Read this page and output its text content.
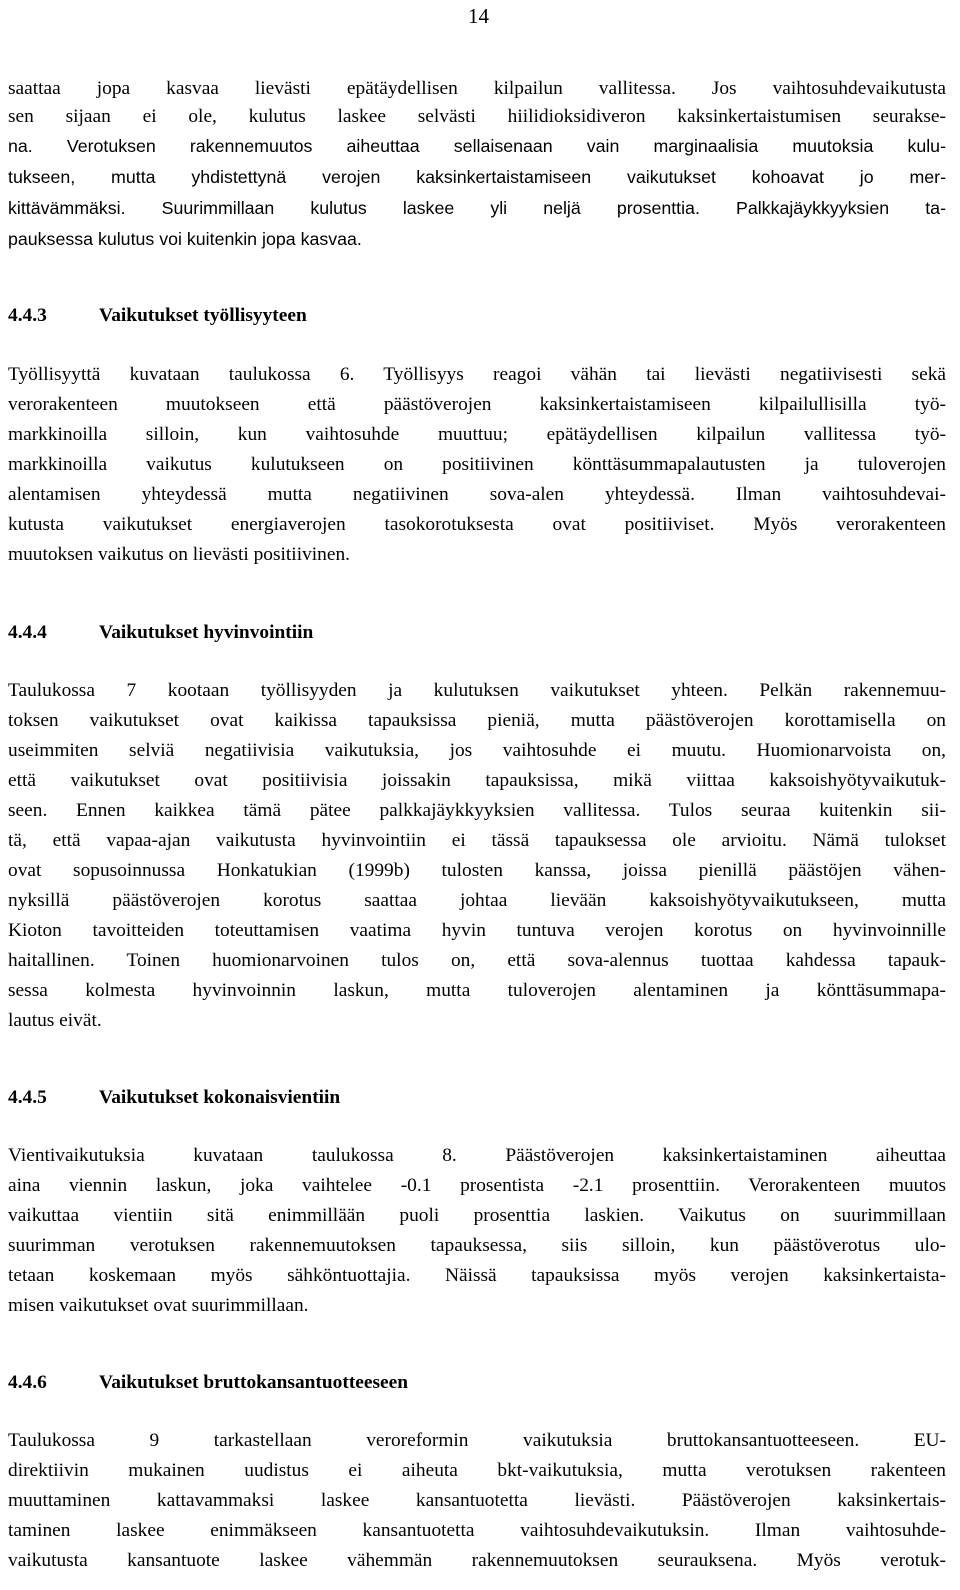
14
saattaa jopa kasvaa lievästi epätäydellisen kilpailun vallitessa. Jos vaihtosuhdevaikutusta
sen sijaan ei ole, kulutus laskee selvästi hiilidioksidiveron kaksinkertaistumisen seurakse-
na. Verotuksen rakennemuutos aiheuttaa sellaisenaan vain marginaalisia muutoksia kulu-
tukseen, mutta yhdistettynä verojen kaksinkertaistamiseen vaikutukset kohoavat jo mer-
kittävämmäksi. Suurimmillaan kulutus laskee yli neljä prosenttia. Palkkajäykkyyksien ta-
pauksessa kulutus voi kuitenkin jopa kasvaa.
4.4.3	Vaikutukset työllisyyteen
Työllisyyttä kuvataan taulukossa 6. Työllisyys reagoi vähän tai lievästi negatiivisesti sekä
verorakenteen muutokseen että päästöverojen kaksinkertaistamiseen kilpailullisilla työ-
markkinoilla silloin, kun vaihtosuhde muuttuu; epätäydellisen kilpailun vallitessa työ-
markkinoilla vaikutus kulutukseen on positiivinen könttäsummapalautusten ja tuloverojen
alentamisen yhteydessä mutta negatiivinen sova-alen yhteydessä. Ilman vaihtosuhdevai-
kutusta vaikutukset energiaverojen tasokorotuksesta ovat positiiviset. Myös verorakenteen
muutoksen vaikutus on lievästi positiivinen.
4.4.4	Vaikutukset hyvinvointiin
Taulukossa 7 kootaan työllisyyden ja kulutuksen vaikutukset yhteen. Pelkän rakennemuu-
toksen vaikutukset ovat kaikissa tapauksissa pieniä, mutta päästöverojen korottamisella on
useimmiten selviä negatiivisia vaikutuksia, jos vaihtosuhde ei muutu. Huomionarvoista on,
että vaikutukset ovat positiivisia joissakin tapauksissa, mikä viittaa kaksoishyötyvaikutuk-
seen. Ennen kaikkea tämä pätee palkkajäykkyyksien vallitessa. Tulos seuraa kuitenkin sii-
tä, että vapaa-ajan vaikutusta hyvinvointiin ei tässä tapauksessa ole arvioitu. Nämä tulokset
ovat sopusoinnussa Honkatukian (1999b) tulosten kanssa, joissa pienillä päästöjen vähen-
nyksillä päästöverojen korotus saattaa johtaa lievään kaksoishyötyvaikutukseen, mutta
Kioton tavoitteiden toteuttamisen vaatima hyvin tuntuva verojen korotus on hyvinvoinnille
haitallinen. Toinen huomionarvoinen tulos on, että sova-alennus tuottaa kahdessa tapauk-
sessa kolmesta hyvinvoinnin laskun, mutta tuloverojen alentaminen ja könttäsummapa-
lautus eivät.
4.4.5	Vaikutukset kokonaisvientiin
Vientivaikutuksia kuvataan taulukossa 8. Päästöverojen kaksinkertaistaminen aiheuttaa
aina viennin laskun, joka vaihtelee -0.1 prosentista -2.1 prosenttiin. Verorakenteen muutos
vaikuttaa vientiin sitä enimmillään puoli prosenttia laskien. Vaikutus on suurimmillaan
suurimman verotuksen rakennemuutoksen tapauksessa, siis silloin, kun päästöverotus ulo-
tetaan koskemaan myös sähköntuottajia. Näissä tapauksissa myös verojen kaksinkertaista-
misen vaikutukset ovat suurimmillaan.
4.4.6	Vaikutukset bruttokansantuotteeseen
Taulukossa 9 tarkastellaan veroreformin vaikutuksia bruttokansantuotteeseen. EU-
direktiivin mukainen uudistus ei aiheuta bkt-vaikutuksia, mutta verotuksen rakenteen
muuttaminen kattavammaksi laskee kansantuotetta lievästi. Päästöverojen kaksinkertais-
taminen laskee enimmäkseen kansantuotetta vaihtosuhdevaikutuksin. Ilman vaihtosuhde-
vaikutusta kansantuote laskee vähemmän rakennemuutoksen seurauksena. Myös verotuk-
